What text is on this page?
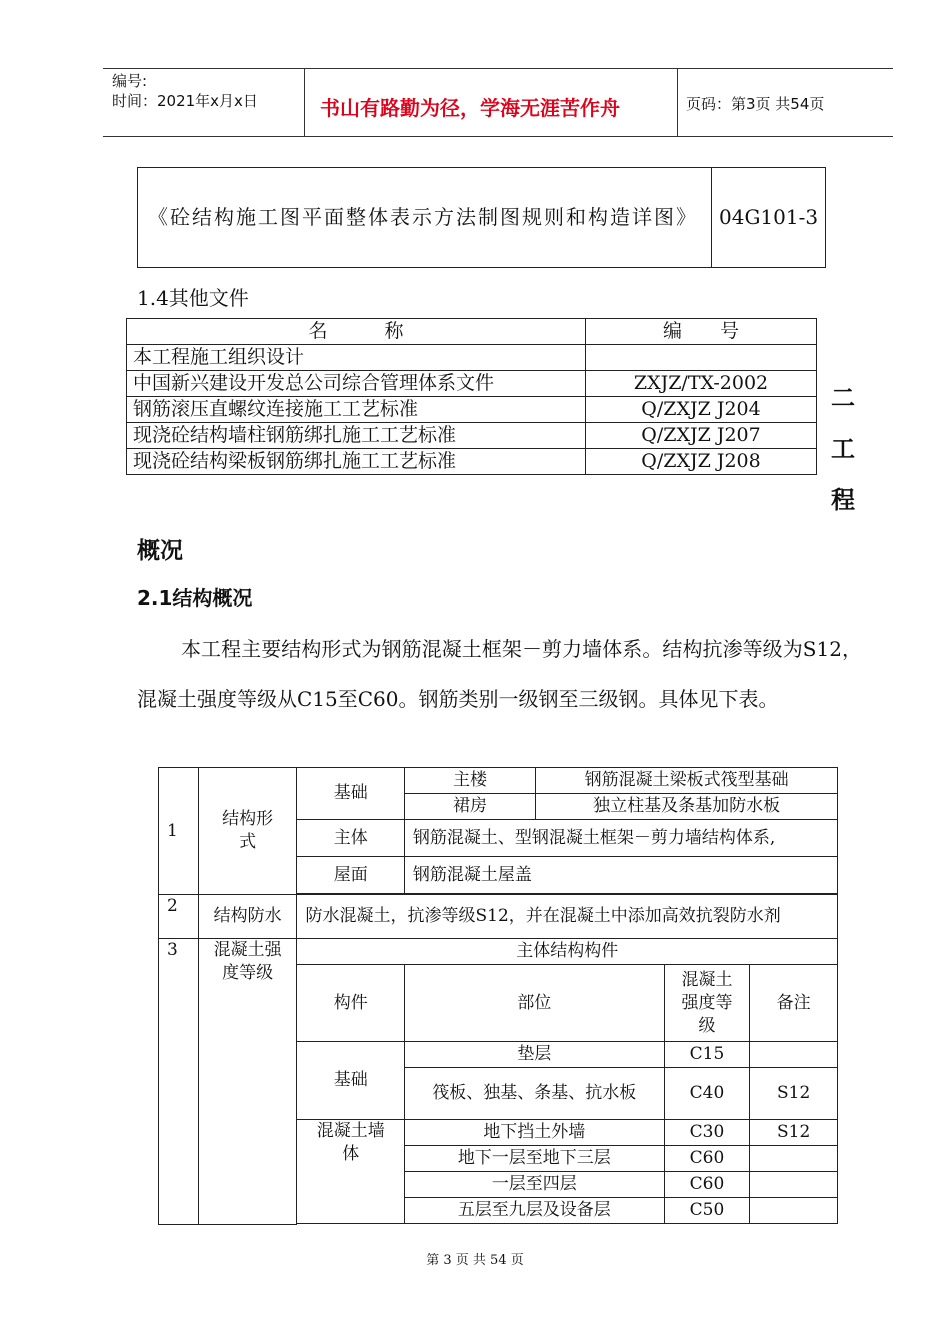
编号:
时间：2021年x月x日	书山有路勤为径，学海无涯苦作舟	页码：第3页 共54页
《砼结构施工图平面整体表示方法制图规则和构造详图》	04G101-3
1.4其他文件
名　　　称	编　　号
本工程施工组织设计	
中国新兴建设开发总公司综合管理体系文件	ZXJZ/TX-2002
钢筋滚压直螺纹连接施工工艺标准	Q/ZXJZ J204
现浇砼结构墙柱钢筋绑扎施工工艺标准	Q/ZXJZ J207
现浇砼结构梁板钢筋绑扎施工工艺标准	Q/ZXJZ J208
二
工
程
概况
2.1结构概况
本工程主要结构形式为钢筋混凝土框架－剪力墙体系。结构抗渗等级为S12，混凝土强度等级从C15至C60。钢筋类别一级钢至三级钢。具体见下表。
1	结构形式	基础	主楼	钢筋混凝土梁板式筏型基础		
			裙房	独立柱基及条基加防水板		
		主体	钢筋混凝土、型钢混凝土框架－剪力墙结构体系,			
		屋面	钢筋混凝土屋盖			

2	结构防水	防水混凝土，抗渗等级S12，并在混凝土中添加高效抗裂防水剂				
3	混凝土强度等级	主体结构构件				
		构件	部位		混凝土强度等级	备注
		基础	垫层		C15	
			筏板、独基、条基、抗水板		C40	S12
		混凝土墙体	地下挡土外墙		C30	S12
			地下一层至地下三层		C60	
			一层至四层		C60	
			五层至九层及设备层		C50	

第 3 页 共 54 页
